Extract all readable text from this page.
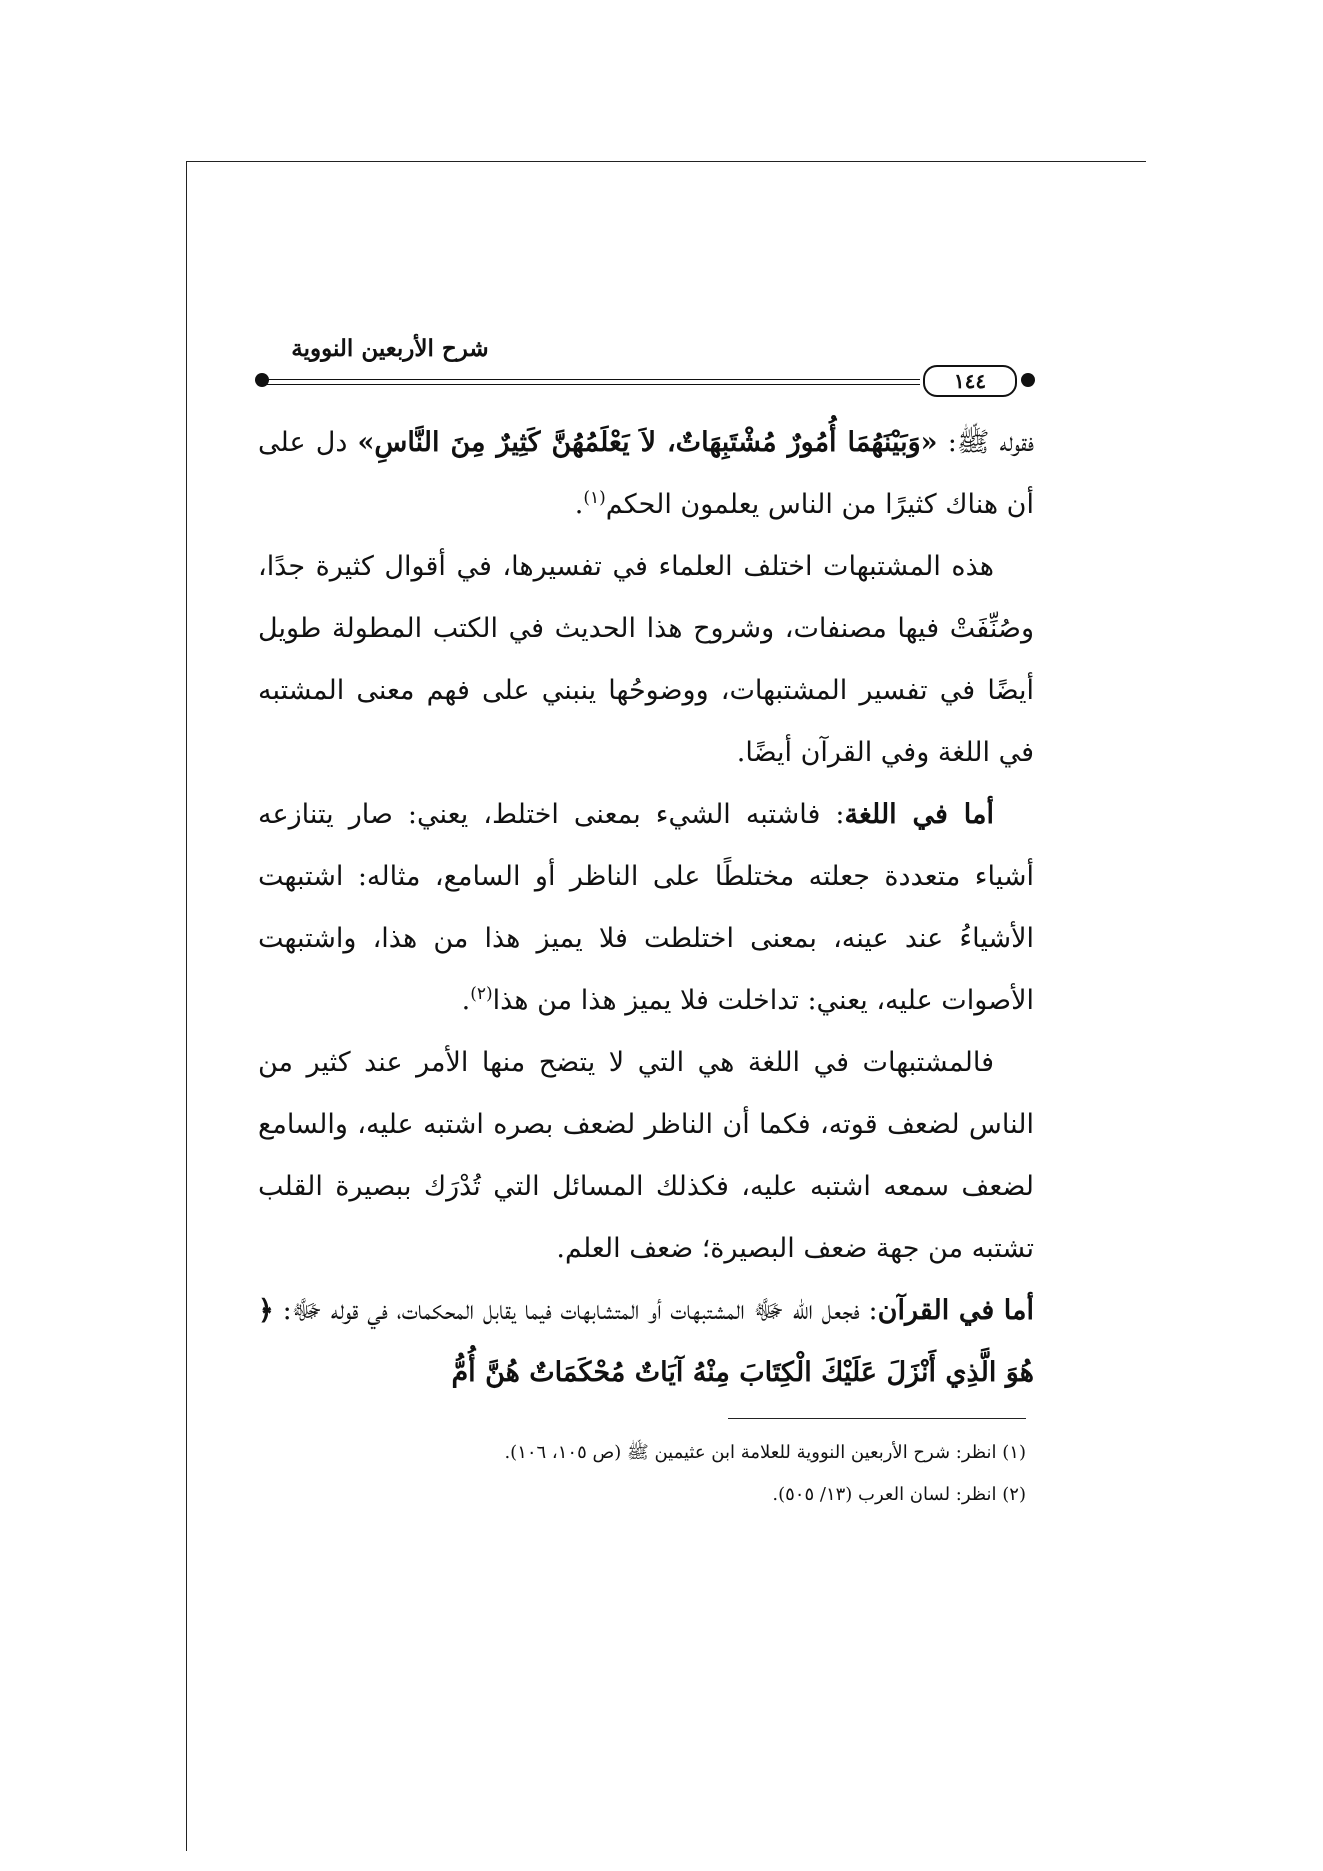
شرح الأربعين النووية
١٤٤

فقوله ﷺ: «وَبَيْنَهُمَا أُمُورٌ مُشْتَبِهَاتٌ، لاَ يَعْلَمُهُنَّ كَثِيرٌ مِنَ النَّاسِ» دل على أن هناك كثيرًا من الناس يعلمون الحكم$^{(١)}$.

هذه المشتبهات اختلف العلماء في تفسيرها، في أقوال كثيرة جدًا، وصُنِّفَتْ فيها مصنفات، وشروح هذا الحديث في الكتب المطولة طويل أيضًا في تفسير المشتبهات، ووضوحُها ينبني على فهم معنى المشتبه في اللغة وفي القرآن أيضًا.

أما في اللغة: فاشتبه الشيء بمعنى اختلط، يعني: صار يتنازعه أشياء متعددة جعلته مختلطًا على الناظر أو السامع، مثاله: اشتبهت الأشياءُ عند عينه، بمعنى اختلطت فلا يميز هذا من هذا، واشتبهت الأصوات عليه، يعني: تداخلت فلا يميز هذا من هذا$^{(٢)}$.

فالمشتبهات في اللغة هي التي لا يتضح منها الأمر عند كثير من الناس لضعف قوته، فكما أن الناظر لضعف بصره اشتبه عليه، والسامع لضعف سمعه اشتبه عليه، فكذلك المسائل التي تُدْرَك ببصيرة القلب تشتبه من جهة ضعف البصيرة؛ ضعف العلم.

أما في القرآن: فجعل الله ﷻ المشتبهات أو المتشابهات فيما يقابل المحكمات، في قوله ﷻ: ﴿ هُوَ الَّذِي أَنْزَلَ عَلَيْكَ الْكِتَابَ مِنْهُ آيَاتٌ مُحْكَمَاتٌ هُنَّ أُمُّ

(١) انظر: شرح الأربعين النووية للعلامة ابن عثيمين ﷺ (ص ١٠٥، ١٠٦).

(٢) انظر: لسان العرب (١٣/ ٥٠٥).
